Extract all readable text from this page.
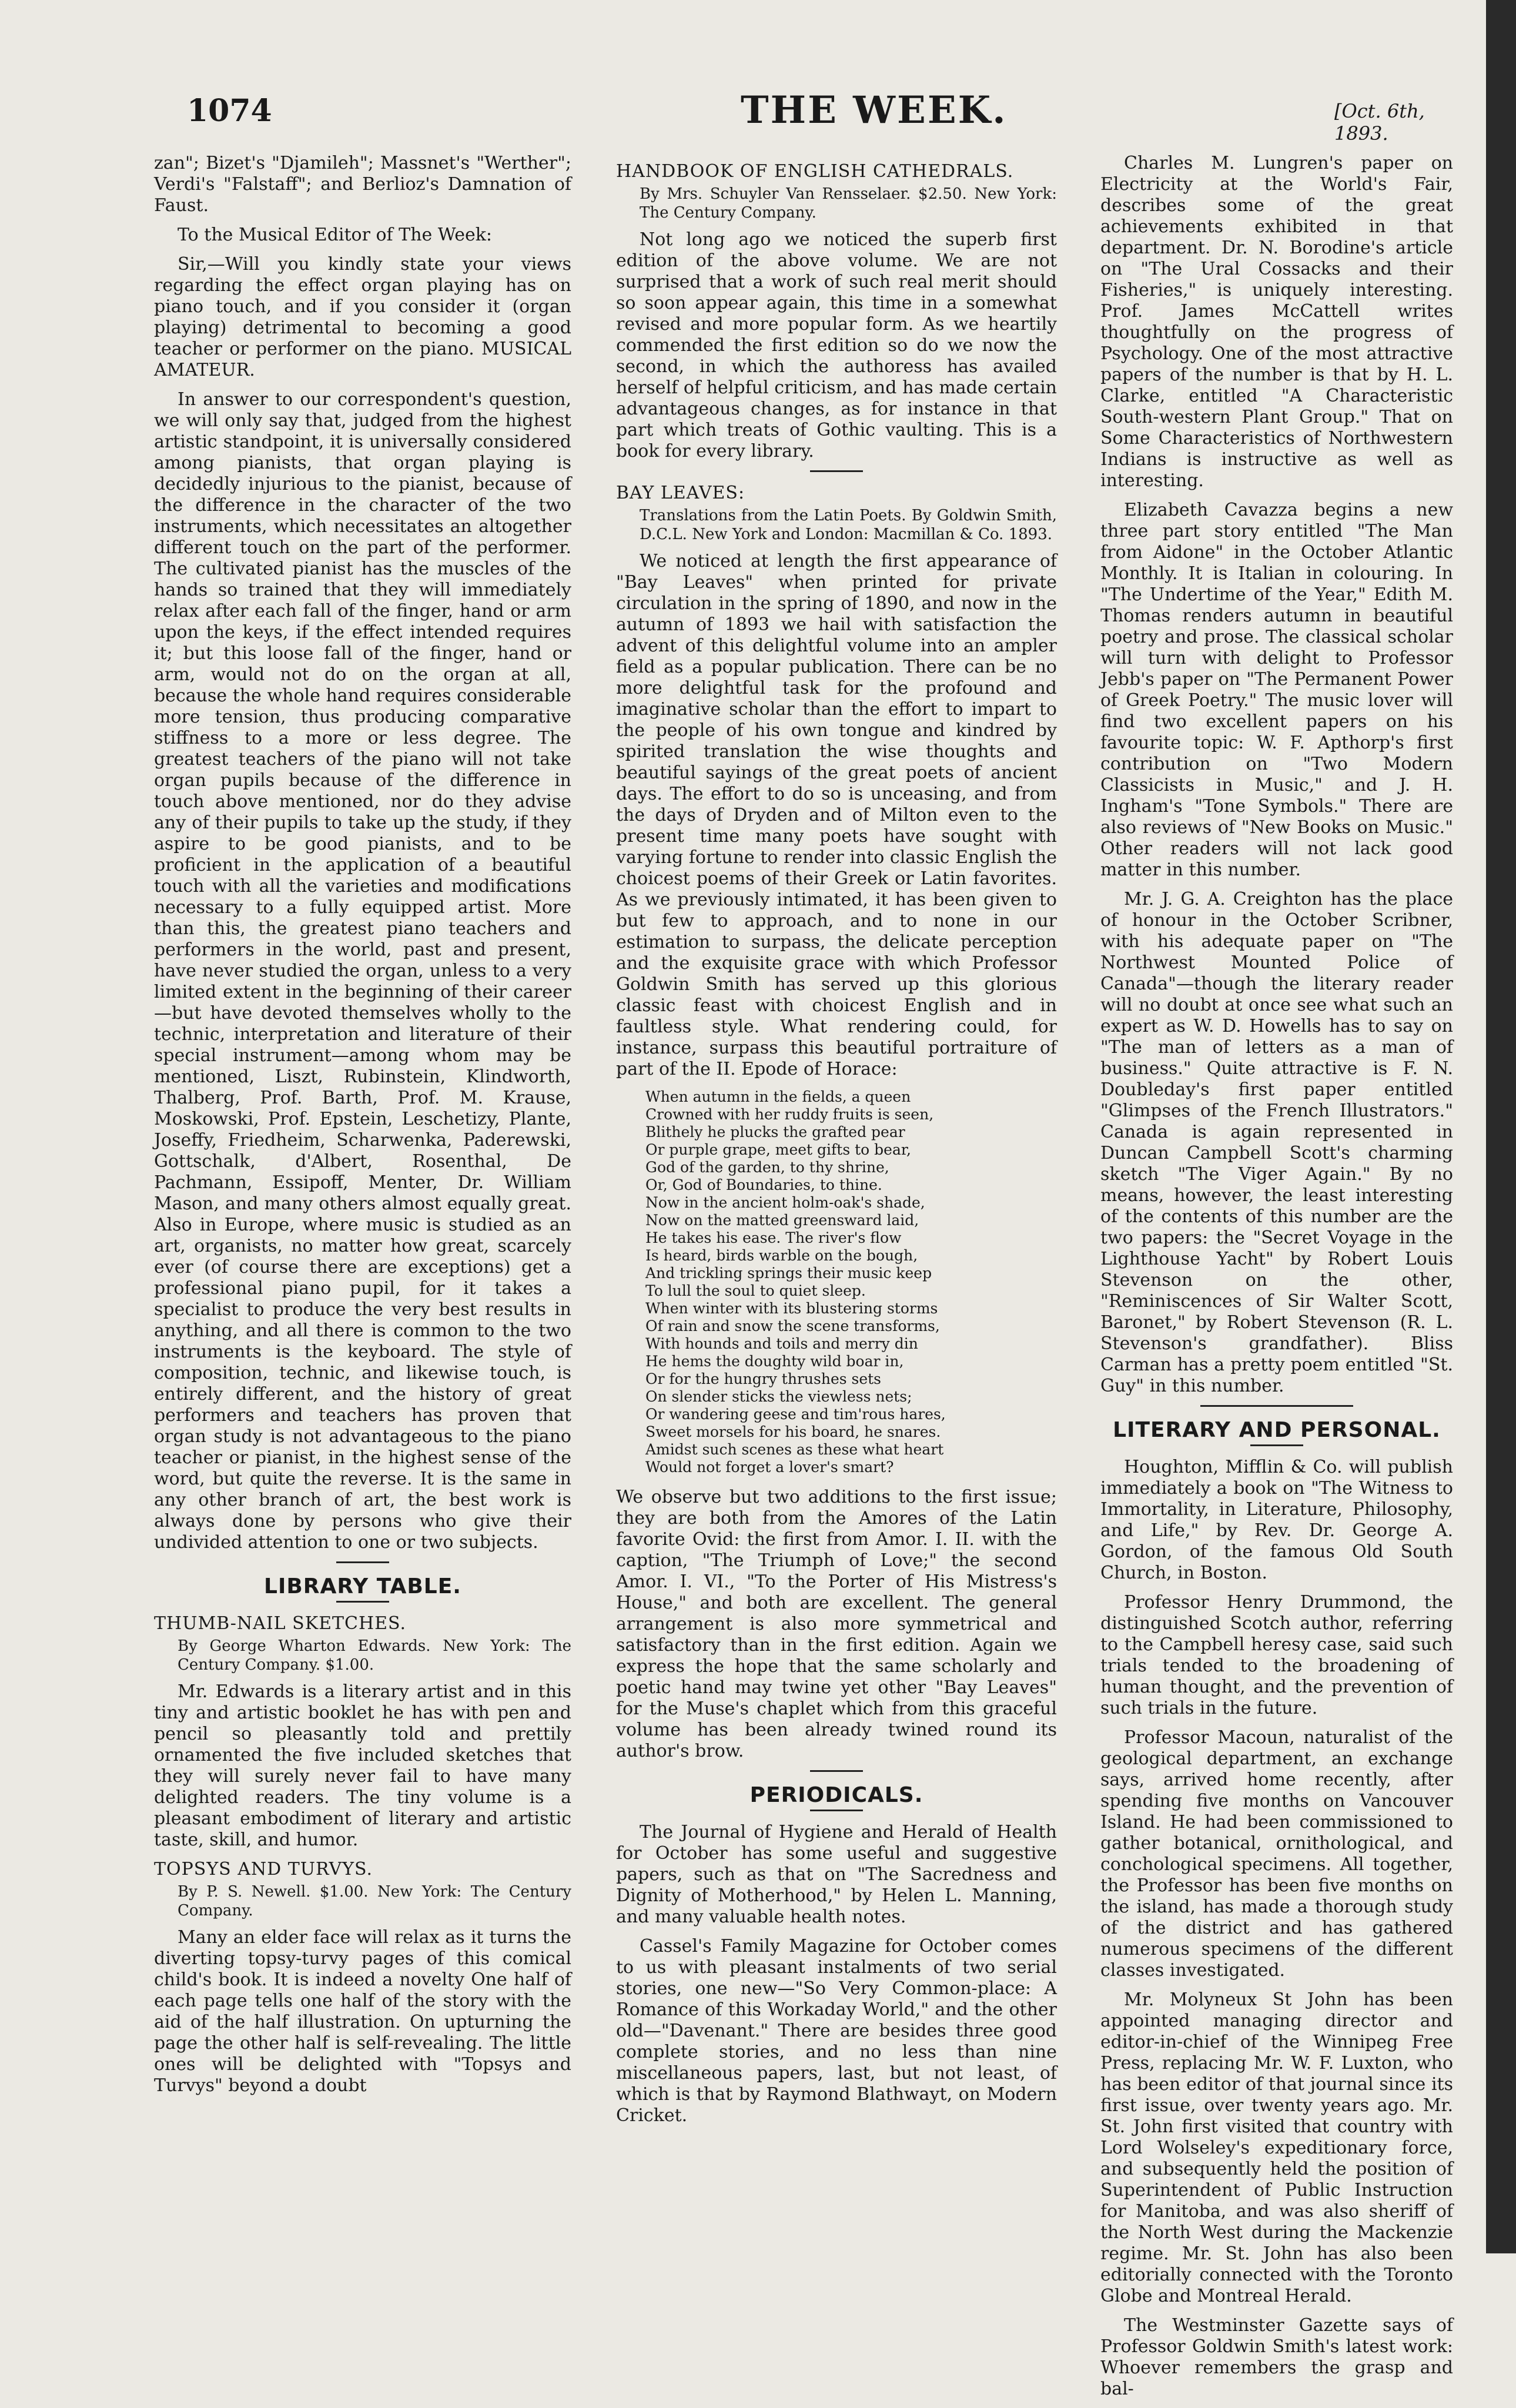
1074	THE WEEK.	[Oct. 6th, 1893.

zan"; Bizet's "Djamileh"; Massnet's "Werther"; Verdi's "Falstaff"; and Berlioz's Damnation of Faust.

To the Musical Editor of The Week:

Sir,—Will you kindly state your views regarding the effect organ playing has on piano touch, and if you consider it (organ playing) detrimental to becoming a good teacher or performer on the piano. MUSICAL AMATEUR.

In answer to our correspondent's question, we will only say that, judged from the highest artistic standpoint, it is universally considered among pianists, that organ playing is decidedly injurious to the pianist, because of the difference in the character of the two instruments, which necessitates an altogether different touch on the part of the performer. The cultivated pianist has the muscles of the hands so trained that they will immediately relax after each fall of the finger, hand or arm upon the keys, if the effect intended requires it; but this loose fall of the finger, hand or arm, would not do on the organ at all, because the whole hand requires considerable more tension, thus producing comparative stiffness to a more or less degree. The greatest teachers of the piano will not take organ pupils because of the difference in touch above mentioned, nor do they advise any of their pupils to take up the study, if they aspire to be good pianists, and to be proficient in the application of a beautiful touch with all the varieties and modifications necessary to a fully equipped artist. More than this, the greatest piano teachers and performers in the world, past and present, have never studied the organ, unless to a very limited extent in the beginning of their career—but have devoted themselves wholly to the technic, interpretation and literature of their special instrument—among whom may be mentioned, Liszt, Rubinstein, Klindworth, Thalberg, Prof. Barth, Prof. M. Krause, Moskowski, Prof. Epstein, Leschetizy, Plante, Joseffy, Friedheim, Scharwenka, Paderewski, Gottschalk, d'Albert, Rosenthal, De Pachmann, Essipoff, Menter, Dr. William Mason, and many others almost equally great. Also in Europe, where music is studied as an art, organists, no matter how great, scarcely ever (of course there are exceptions) get a professional piano pupil, for it takes a specialist to produce the very best results in anything, and all there is common to the two instruments is the keyboard. The style of composition, technic, and likewise touch, is entirely different, and the history of great performers and teachers has proven that organ study is not advantageous to the piano teacher or pianist, in the highest sense of the word, but quite the reverse. It is the same in any other branch of art, the best work is always done by persons who give their undivided attention to one or two subjects.

LIBRARY TABLE.

THUMB-NAIL SKETCHES.

By George Wharton Edwards. New York: The Century Company. $1.00.

Mr. Edwards is a literary artist and in this tiny and artistic booklet he has with pen and pencil so pleasantly told and prettily ornamented the five included sketches that they will surely never fail to have many delighted readers. The tiny volume is a pleasant embodiment of literary and artistic taste, skill, and humor.

TOPSYS AND TURVYS.

By P. S. Newell. $1.00. New York: The Century Company.

Many an elder face will relax as it turns the diverting topsy-turvy pages of this comical child's book. It is indeed a novelty One half of each page tells one half of the story with the aid of the half illustration. On upturning the page the other half is self-revealing. The little ones will be delighted with "Topsys and Turvys" beyond a doubt

HANDBOOK OF ENGLISH CATHEDRALS.

By Mrs. Schuyler Van Rensselaer. $2.50. New York: The Century Company.

Not long ago we noticed the superb first edition of the above volume. We are not surprised that a work of such real merit should so soon appear again, this time in a somewhat revised and more popular form. As we heartily commended the first edition so do we now the second, in which the authoress has availed herself of helpful criticism, and has made certain advantageous changes, as for instance in that part which treats of Gothic vaulting. This is a book for every library.

BAY LEAVES:

Translations from the Latin Poets. By Goldwin Smith, D.C.L. New York and London: Macmillan & Co. 1893.

We noticed at length the first appearance of "Bay Leaves" when printed for private circulation in the spring of 1890, and now in the autumn of 1893 we hail with satisfaction the advent of this delightful volume into an ampler field as a popular publication. There can be no more delightful task for the profound and imaginative scholar than the effort to impart to the people of his own tongue and kindred by spirited translation the wise thoughts and beautiful sayings of the great poets of ancient days. The effort to do so is unceasing, and from the days of Dryden and of Milton even to the present time many poets have sought with varying fortune to render into classic English the choicest poems of their Greek or Latin favorites. As we previously intimated, it has been given to but few to approach, and to none in our estimation to surpass, the delicate perception and the exquisite grace with which Professor Goldwin Smith has served up this glorious classic feast with choicest English and in faultless style. What rendering could, for instance, surpass this beautiful portraiture of part of the II. Epode of Horace:

When autumn in the fields, a queen
Crowned with her ruddy fruits is seen,
Blithely he plucks the grafted pear
Or purple grape, meet gifts to bear,
God of the garden, to thy shrine,
Or, God of Boundaries, to thine.
Now in the ancient holm-oak's shade,
Now on the matted greensward laid,
He takes his ease. The river's flow
Is heard, birds warble on the bough,
And trickling springs their music keep
To lull the soul to quiet sleep.
When winter with its blustering storms
Of rain and snow the scene transforms,
With hounds and toils and merry din
He hems the doughty wild boar in,
Or for the hungry thrushes sets
On slender sticks the viewless nets;
Or wandering geese and tim'rous hares,
Sweet morsels for his board, he snares.
Amidst such scenes as these what heart
Would not forget a lover's smart?

We observe but two additions to the first issue; they are both from the Amores of the Latin favorite Ovid: the first from Amor. I. II. with the caption, "The Triumph of Love;" the second Amor. I. VI., "To the Porter of His Mistress's House," and both are excellent. The general arrangement is also more symmetrical and satisfactory than in the first edition. Again we express the hope that the same scholarly and poetic hand may twine yet other "Bay Leaves" for the Muse's chaplet which from this graceful volume has been already twined round its author's brow.

PERIODICALS.

The Journal of Hygiene and Herald of Health for October has some useful and suggestive papers, such as that on "The Sacredness and Dignity of Motherhood," by Helen L. Manning, and many valuable health notes.

Cassel's Family Magazine for October comes to us with pleasant instalments of two serial stories, one new—"So Very Common-place: A Romance of this Workaday World," and the other old—"Davenant." There are besides three good complete stories, and no less than nine miscellaneous papers, last, but not least, of which is that by Raymond Blathwayt, on Modern Cricket.

Charles M. Lungren's paper on Electricity at the World's Fair, describes some of the great achievements exhibited in that department. Dr. N. Borodine's article on "The Ural Cossacks and their Fisheries," is uniquely interesting. Prof. James McCattell writes thoughtfully on the progress of Psychology. One of the most attractive papers of the number is that by H. L. Clarke, entitled "A Characteristic South-western Plant Group." That on Some Characteristics of Northwestern Indians is instructive as well as interesting.

Elizabeth Cavazza begins a new three part story entitled "The Man from Aidone" in the October Atlantic Monthly. It is Italian in colouring. In "The Undertime of the Year," Edith M. Thomas renders autumn in beautiful poetry and prose. The classical scholar will turn with delight to Professor Jebb's paper on "The Permanent Power of Greek Poetry." The music lover will find two excellent papers on his favourite topic: W. F. Apthorp's first contribution on "Two Modern Classicists in Music," and J. H. Ingham's "Tone Symbols." There are also reviews of "New Books on Music." Other readers will not lack good matter in this number.

Mr. J. G. A. Creighton has the place of honour in the October Scribner, with his adequate paper on "The Northwest Mounted Police of Canada"—though the literary reader will no doubt at once see what such an expert as W. D. Howells has to say on "The man of letters as a man of business." Quite attractive is F. N. Doubleday's first paper entitled "Glimpses of the French Illustrators." Canada is again represented in Duncan Campbell Scott's charming sketch "The Viger Again." By no means, however, the least interesting of the contents of this number are the two papers: the "Secret Voyage in the Lighthouse Yacht" by Robert Louis Stevenson on the other, "Reminiscences of Sir Walter Scott, Baronet," by Robert Stevenson (R. L. Stevenson's grandfather). Bliss Carman has a pretty poem entitled "St. Guy" in this number.

LITERARY AND PERSONAL.

Houghton, Mifflin & Co. will publish immediately a book on "The Witness to Immortality, in Literature, Philosophy, and Life," by Rev. Dr. George A. Gordon, of the famous Old South Church, in Boston.

Professor Henry Drummond, the distinguished Scotch author, referring to the Campbell heresy case, said such trials tended to the broadening of human thought, and the prevention of such trials in the future.

Professor Macoun, naturalist of the geological department, an exchange says, arrived home recently, after spending five months on Vancouver Island. He had been commissioned to gather botanical, ornithological, and conchological specimens. All together, the Professor has been five months on the island, has made a thorough study of the district and has gathered numerous specimens of the different classes investigated.

Mr. Molyneux St John has been appointed managing director and editor-in-chief of the Winnipeg Free Press, replacing Mr. W. F. Luxton, who has been editor of that journal since its first issue, over twenty years ago. Mr. St. John first visited that country with Lord Wolseley's expeditionary force, and subsequently held the position of Superintendent of Public Instruction for Manitoba, and was also sheriff of the North West during the Mackenzie regime. Mr. St. John has also been editorially connected with the Toronto Globe and Montreal Herald.

The Westminster Gazette says of Professor Goldwin Smith's latest work: Whoever remembers the grasp and bal-
